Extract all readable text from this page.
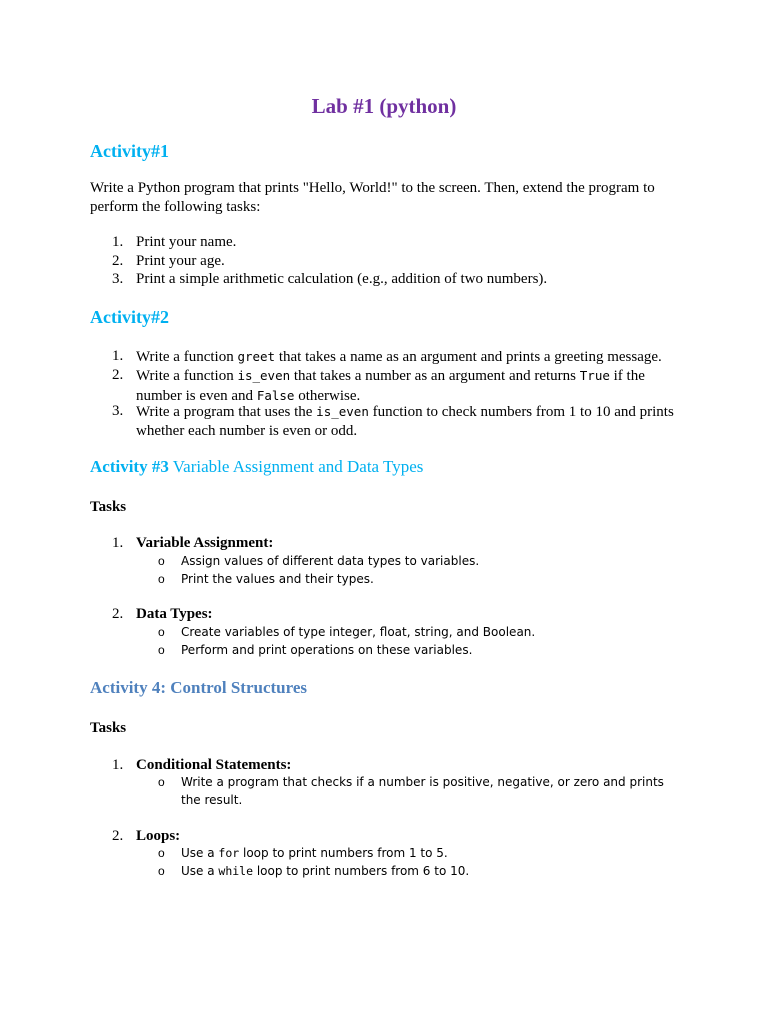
Lab #1 (python)
Activity#1
Write a Python program that prints "Hello, World!" to the screen. Then, extend the program to perform the following tasks:
1. Print your name.
2. Print your age.
3. Print a simple arithmetic calculation (e.g., addition of two numbers).
Activity#2
1. Write a function greet that takes a name as an argument and prints a greeting message.
2. Write a function is_even that takes a number as an argument and returns True if the number is even and False otherwise.
3. Write a program that uses the is_even function to check numbers from 1 to 10 and prints whether each number is even or odd.
Activity #3 Variable Assignment and Data Types
Tasks
1. Variable Assignment:
o Assign values of different data types to variables.
o Print the values and their types.
2. Data Types:
o Create variables of type integer, float, string, and Boolean.
o Perform and print operations on these variables.
Activity 4: Control Structures
Tasks
1. Conditional Statements:
o Write a program that checks if a number is positive, negative, or zero and prints the result.
2. Loops:
o Use a for loop to print numbers from 1 to 5.
o Use a while loop to print numbers from 6 to 10.
